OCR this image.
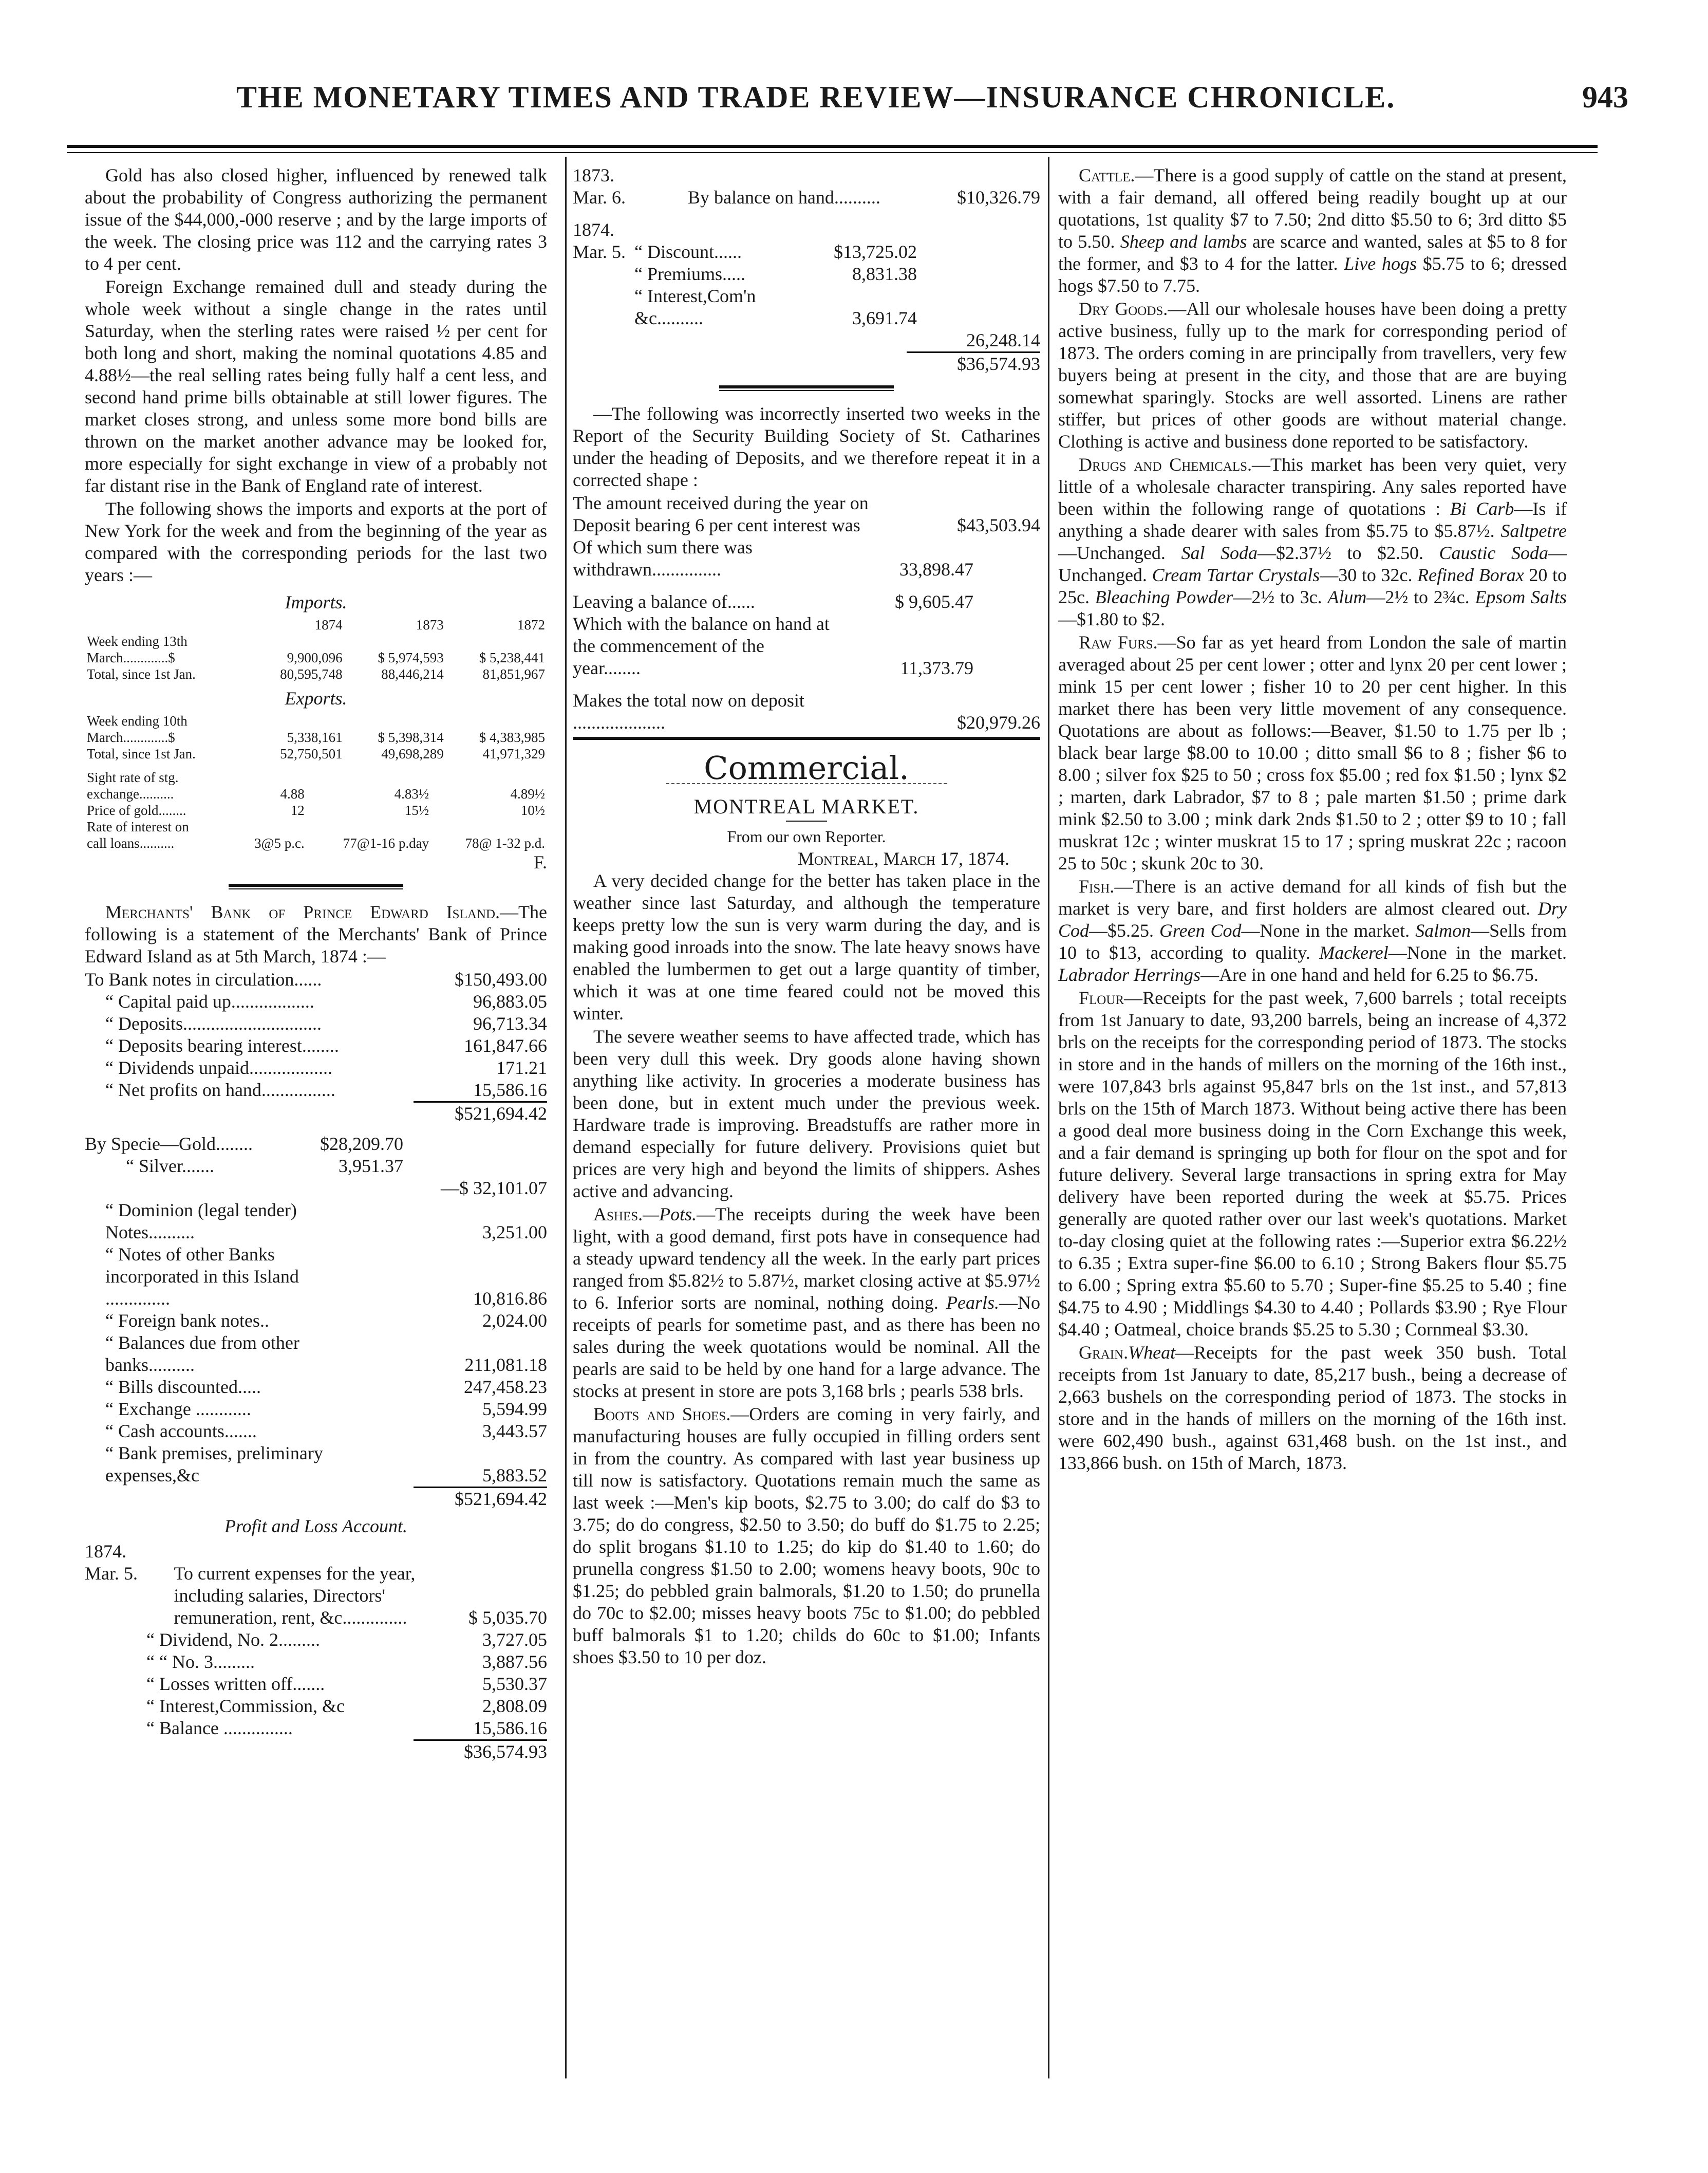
THE MONETARY TIMES AND TRADE REVIEW—INSURANCE CHRONICLE.	943

Gold has also closed higher, influenced by renewed talk about the probability of Congress authorizing the permanent issue of the $44,000,-000 reserve ; and by the large imports of the week. The closing price was 112 and the carrying rates 3 to 4 per cent.

Foreign Exchange remained dull and steady during the whole week without a single change in the rates until Saturday, when the sterling rates were raised ½ per cent for both long and short, making the nominal quotations 4.85 and 4.88½—the real selling rates being fully half a cent less, and second hand prime bills obtainable at still lower figures. The market closes strong, and unless some more bond bills are thrown on the market another advance may be looked for, more especially for sight exchange in view of a probably not far distant rise in the Bank of England rate of interest.

The following shows the imports and exports at the port of New York for the week and from the beginning of the year as compared with the corresponding periods for the last two years :—

Imports.
	1874	1873	1872
Week ending 13th			
March.............$	9,900,096	$ 5,974,593	$ 5,238,441
Total, since 1st Jan.	80,595,748	88,446,214	81,851,967
Exports.
Week ending 10th			
March.............$	5,338,161	$ 5,398,314	$ 4,383,985
Total, since 1st Jan.	52,750,501	49,698,289	41,971,329
Sight rate of stg.			
exchange..........	4.88	4.83½	4.89½
Price of gold........	12	15½	10½
Rate of interest on			
call loans..........	3@5 p.c.	77@1-16 p.day	78@ 1-32 p.d.
F.

Merchants' Bank of Prince Edward Island.—The following is a statement of the Merchants' Bank of Prince Edward Island as at 5th March, 1874 :—

To Bank notes in circulation......	$150,493.00
“ Capital paid up..................	96,883.05
“ Deposits..............................	96,713.34
“ Deposits bearing interest........	161,847.66
“ Dividends unpaid..................	171.21
“ Net profits on hand................	15,586.16
$521,694.42
By Specie—Gold........	$28,209.70
“ Silver.......	3,951.37
—$ 32,101.07
“ Dominion (legal tender) Notes..........	3,251.00
“ Notes of other Banks incorporated in this Island ..............	10,816.86
“ Foreign bank notes..	2,024.00
“ Balances due from other banks..........	211,081.18
“ Bills discounted.....	247,458.23
“ Exchange ............	5,594.99
“ Cash accounts.......	3,443.57
“ Bank premises, preliminary expenses,&c	5,883.52
$521,694.42
Profit and Loss Account.
1874.
Mar. 5.	To current expenses for the year, including salaries, Directors' remuneration, rent, &c..............	$ 5,035.70
“ Dividend, No. 2.........	3,727.05
“ “ No. 3.........	3,887.56
“ Losses written off.......	5,530.37
“ Interest,Commission, &c	2,808.09
“ Balance ...............	15,586.16
$36,574.93
1873.
Mar. 6.	By balance on hand..........	$10,326.79
1874.
Mar. 5. “ Discount......	$13,725.02
“ Premiums.....	8,831.38
“ Interest,Com'n &c..........	3,691.74
26,248.14
$36,574.93

—The following was incorrectly inserted two weeks in the Report of the Security Building Society of St. Catharines under the heading of Deposits, and we therefore repeat it in a corrected shape :

The amount received during the year on Deposit bearing 6 per cent interest was	$43,503.94
Of which sum there was withdrawn...............	33,898.47
Leaving a balance of......	$ 9,605.47
Which with the balance on hand at the commencement of the year........	11,373.79
Makes the total now on deposit ....................	$20,979.26
Commercial.
MONTREAL MARKET.
From our own Reporter.
Montreal, March 17, 1874.

A very decided change for the better has taken place in the weather since last Saturday, and although the temperature keeps pretty low the sun is very warm during the day, and is making good inroads into the snow. The late heavy snows have enabled the lumbermen to get out a large quantity of timber, which it was at one time feared could not be moved this winter.

The severe weather seems to have affected trade, which has been very dull this week. Dry goods alone having shown anything like activity. In groceries a moderate business has been done, but in extent much under the previous week. Hardware trade is improving. Breadstuffs are rather more in demand especially for future delivery. Provisions quiet but prices are very high and beyond the limits of shippers. Ashes active and advancing.

Ashes.—Pots.—The receipts during the week have been light, with a good demand, first pots have in consequence had a steady upward tendency all the week. In the early part prices ranged from $5.82½ to 5.87½, market closing active at $5.97½ to 6. Inferior sorts are nominal, nothing doing. Pearls.—No receipts of pearls for sometime past, and as there has been no sales during the week quotations would be nominal. All the pearls are said to be held by one hand for a large advance. The stocks at present in store are pots 3,168 brls ; pearls 538 brls.

Boots and Shoes.—Orders are coming in very fairly, and manufacturing houses are fully occupied in filling orders sent in from the country. As compared with last year business up till now is satisfactory. Quotations remain much the same as last week :—Men's kip boots, $2.75 to 3.00; do calf do $3 to 3.75; do do congress, $2.50 to 3.50; do buff do $1.75 to 2.25; do split brogans $1.10 to 1.25; do kip do $1.40 to 1.60; do prunella congress $1.50 to 2.00; womens heavy boots, 90c to $1.25; do pebbled grain balmorals, $1.20 to 1.50; do prunella do 70c to $2.00; misses heavy boots 75c to $1.00; do pebbled buff balmorals $1 to 1.20; childs do 60c to $1.00; Infants shoes $3.50 to 10 per doz.

Cattle.—There is a good supply of cattle on the stand at present, with a fair demand, all offered being readily bought up at our quotations, 1st quality $7 to 7.50; 2nd ditto $5.50 to 6; 3rd ditto $5 to 5.50. Sheep and lambs are scarce and wanted, sales at $5 to 8 for the former, and $3 to 4 for the latter. Live hogs $5.75 to 6; dressed hogs $7.50 to 7.75.

Dry Goods.—All our wholesale houses have been doing a pretty active business, fully up to the mark for corresponding period of 1873. The orders coming in are principally from travellers, very few buyers being at present in the city, and those that are are buying somewhat sparingly. Stocks are well assorted. Linens are rather stiffer, but prices of other goods are without material change. Clothing is active and business done reported to be satisfactory.

Drugs and Chemicals.—This market has been very quiet, very little of a wholesale character transpiring. Any sales reported have been within the following range of quotations : Bi Carb—Is if anything a shade dearer with sales from $5.75 to $5.87½. Saltpetre—Unchanged. Sal Soda—$2.37½ to $2.50. Caustic Soda—Unchanged. Cream Tartar Crystals—30 to 32c. Refined Borax 20 to 25c. Bleaching Powder—2½ to 3c. Alum—2½ to 2¾c. Epsom Salts—$1.80 to $2.

Raw Furs.—So far as yet heard from London the sale of martin averaged about 25 per cent lower ; otter and lynx 20 per cent lower ; mink 15 per cent lower ; fisher 10 to 20 per cent higher. In this market there has been very little movement of any consequence. Quotations are about as follows:—Beaver, $1.50 to 1.75 per lb ; black bear large $8.00 to 10.00 ; ditto small $6 to 8 ; fisher $6 to 8.00 ; silver fox $25 to 50 ; cross fox $5.00 ; red fox $1.50 ; lynx $2 ; marten, dark Labrador, $7 to 8 ; pale marten $1.50 ; prime dark mink $2.50 to 3.00 ; mink dark 2nds $1.50 to 2 ; otter $9 to 10 ; fall muskrat 12c ; winter muskrat 15 to 17 ; spring muskrat 22c ; racoon 25 to 50c ; skunk 20c to 30.

Fish.—There is an active demand for all kinds of fish but the market is very bare, and first holders are almost cleared out. Dry Cod—$5.25. Green Cod—None in the market. Salmon—Sells from 10 to $13, according to quality. Mackerel—None in the market. Labrador Herrings—Are in one hand and held for 6.25 to $6.75.

Flour—Receipts for the past week, 7,600 barrels ; total receipts from 1st January to date, 93,200 barrels, being an increase of 4,372 brls on the receipts for the corresponding period of 1873. The stocks in store and in the hands of millers on the morning of the 16th inst., were 107,843 brls against 95,847 brls on the 1st inst., and 57,813 brls on the 15th of March 1873. Without being active there has been a good deal more business doing in the Corn Exchange this week, and a fair demand is springing up both for flour on the spot and for future delivery. Several large transactions in spring extra for May delivery have been reported during the week at $5.75. Prices generally are quoted rather over our last week's quotations. Market to-day closing quiet at the following rates :—Superior extra $6.22½ to 6.35 ; Extra super-fine $6.00 to 6.10 ; Strong Bakers flour $5.75 to 6.00 ; Spring extra $5.60 to 5.70 ; Super-fine $5.25 to 5.40 ; fine $4.75 to 4.90 ; Middlings $4.30 to 4.40 ; Pollards $3.90 ; Rye Flour $4.40 ; Oatmeal, choice brands $5.25 to 5.30 ; Cornmeal $3.30.

Grain.Wheat—Receipts for the past week 350 bush. Total receipts from 1st January to date, 85,217 bush., being a decrease of 2,663 bushels on the corresponding period of 1873. The stocks in store and in the hands of millers on the morning of the 16th inst. were 602,490 bush., against 631,468 bush. on the 1st inst., and 133,866 bush. on 15th of March, 1873.
